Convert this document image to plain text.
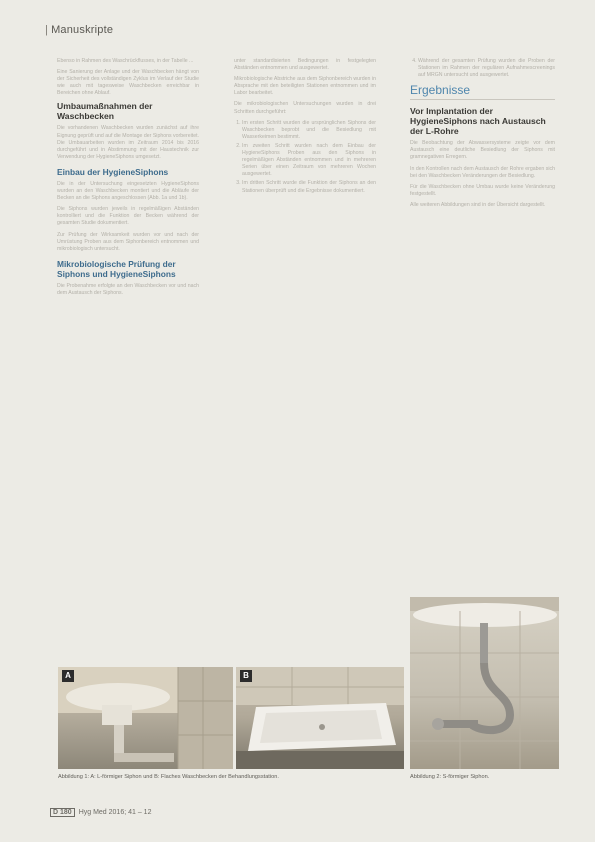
| Manuskripte

Ebenso in Rahmen des Waschrückflusses, in der Tabelle ...

Eine Sanierung der Anlage und der Waschbecken hängt von der Sicherheit des vollständigen Zyklus im Verlauf der Studie wie auch mit tagesweise Waschbecken erreichbar in Bereichen ohne Ablauf.

Umbaumaßnahmen der Waschbecken

Die vorhandenen Waschbecken wurden zunächst auf ihre Eignung geprüft und auf die Montage der Siphons vorbereitet. Die Umbauarbeiten wurden im Zeitraum 2014 bis 2016 durchgeführt und in Abstimmung mit der Haustechnik zur Verwendung der HygieneSiphons umgesetzt.

Einbau der HygieneSiphons

Die in der Untersuchung eingesetzten HygieneSiphons wurden an den Waschbecken montiert und die Abläufe der Becken an die Siphons angeschlossen (Abb. 1a und 1b).

Die Siphons wurden jeweils in regelmäßigen Abständen kontrolliert und die Funktion der Becken während der gesamten Studie dokumentiert.

Zur Prüfung der Wirksamkeit wurden vor und nach der Umrüstung Proben aus dem Siphonbereich entnommen und mikrobiologisch untersucht.

Mikrobiologische Prüfung der Siphons und HygieneSiphons

Die Probenahme erfolgte an den Waschbecken vor und nach dem Austausch der Siphons.

unter standardisierten Bedingungen in festgelegten Abständen entnommen und ausgewertet.

Mikrobiologische Abstriche aus dem Siphonbereich wurden in Absprache mit den beteiligten Stationen entnommen und im Labor bearbeitet.

Die mikrobiologischen Untersuchungen wurden in drei Schritten durchgeführt:

1. Im ersten Schritt wurden die ursprünglichen Siphons der Waschbecken beprobt und die Besiedlung mit Wasserkeimen bestimmt.
2. Im zweiten Schritt wurden nach dem Einbau der HygieneSiphons Proben aus den Siphons in regelmäßigen Abständen entnommen und in mehreren Serien über einen Zeitraum von mehreren Wochen ausgewertet.
3. Im dritten Schritt wurde die Funktion der Siphons an den Stationen überprüft und die Ergebnisse dokumentiert.
4. Während der gesamten Prüfung wurden die Proben der Stationen im Rahmen der regulären Aufnahmescreenings auf MRGN untersucht und ausgewertet.
Ergebnisse
Vor Implantation der HygieneSiphons nach Austausch der L-Rohre

Die Beobachtung der Abwassersysteme zeigte vor dem Austausch eine deutliche Besiedlung der Siphons mit gramnegativen Erregern.

In den Kontrollen nach dem Austausch der Rohre ergaben sich bei den Waschbecken Veränderungen der Besiedlung.

Für die Waschbecken ohne Umbau wurde keine Veränderung festgestellt.

Alle weiteren Abbildungen sind in der Übersicht dargestellt.

A	B
Abbildung 1: A: L-förmiger Siphon und B: Flaches Waschbecken der Behandlungsstation.	Abbildung 2: S-förmiger Siphon.
D 180 Hyg Med 2016; 41 – 12
